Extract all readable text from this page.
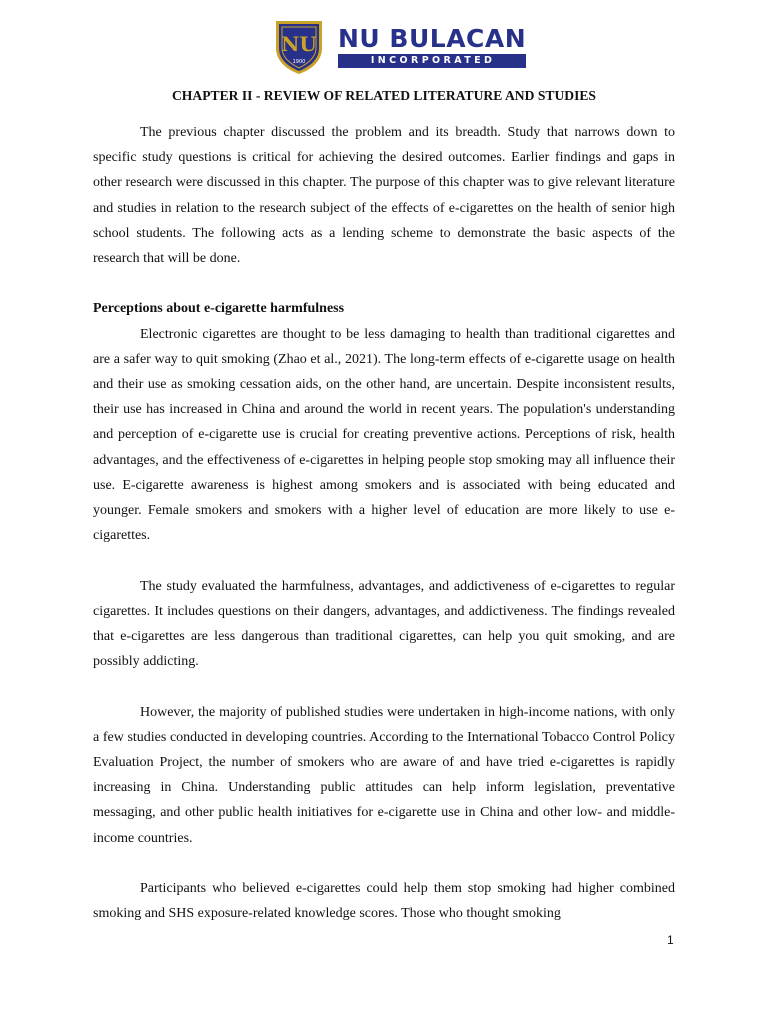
NU
1900
NU BULACAN
INCORPORATED
CHAPTER II - REVIEW OF RELATED LITERATURE AND STUDIES

The previous chapter discussed the problem and its breadth. Study that narrows down to specific study questions is critical for achieving the desired outcomes. Earlier findings and gaps in other research were discussed in this chapter. The purpose of this chapter was to give relevant literature and studies in relation to the research subject of the effects of e-cigarettes on the health of senior high school students. The following acts as a lending scheme to demonstrate the basic aspects of the research that will be done.

Perceptions about e-cigarette harmfulness

Electronic cigarettes are thought to be less damaging to health than traditional cigarettes and are a safer way to quit smoking (Zhao et al., 2021). The long-term effects of e-cigarette usage on health and their use as smoking cessation aids, on the other hand, are uncertain. Despite inconsistent results, their use has increased in China and around the world in recent years. The population's understanding and perception of e-cigarette use is crucial for creating preventive actions. Perceptions of risk, health advantages, and the effectiveness of e-cigarettes in helping people stop smoking may all influence their use. E-cigarette awareness is highest among smokers and is associated with being educated and younger. Female smokers and smokers with a higher level of education are more likely to use e-cigarettes.

The study evaluated the harmfulness, advantages, and addictiveness of e-cigarettes to regular cigarettes. It includes questions on their dangers, advantages, and addictiveness. The findings revealed that e-cigarettes are less dangerous than traditional cigarettes, can help you quit smoking, and are possibly addicting.

However, the majority of published studies were undertaken in high-income nations, with only a few studies conducted in developing countries. According to the International Tobacco Control Policy Evaluation Project, the number of smokers who are aware of and have tried e-cigarettes is rapidly increasing in China. Understanding public attitudes can help inform legislation, preventative messaging, and other public health initiatives for e-cigarette use in China and other low- and middle-income countries.

Participants who believed e-cigarettes could help them stop smoking had higher combined smoking and SHS exposure-related knowledge scores. Those who thought smoking

1
